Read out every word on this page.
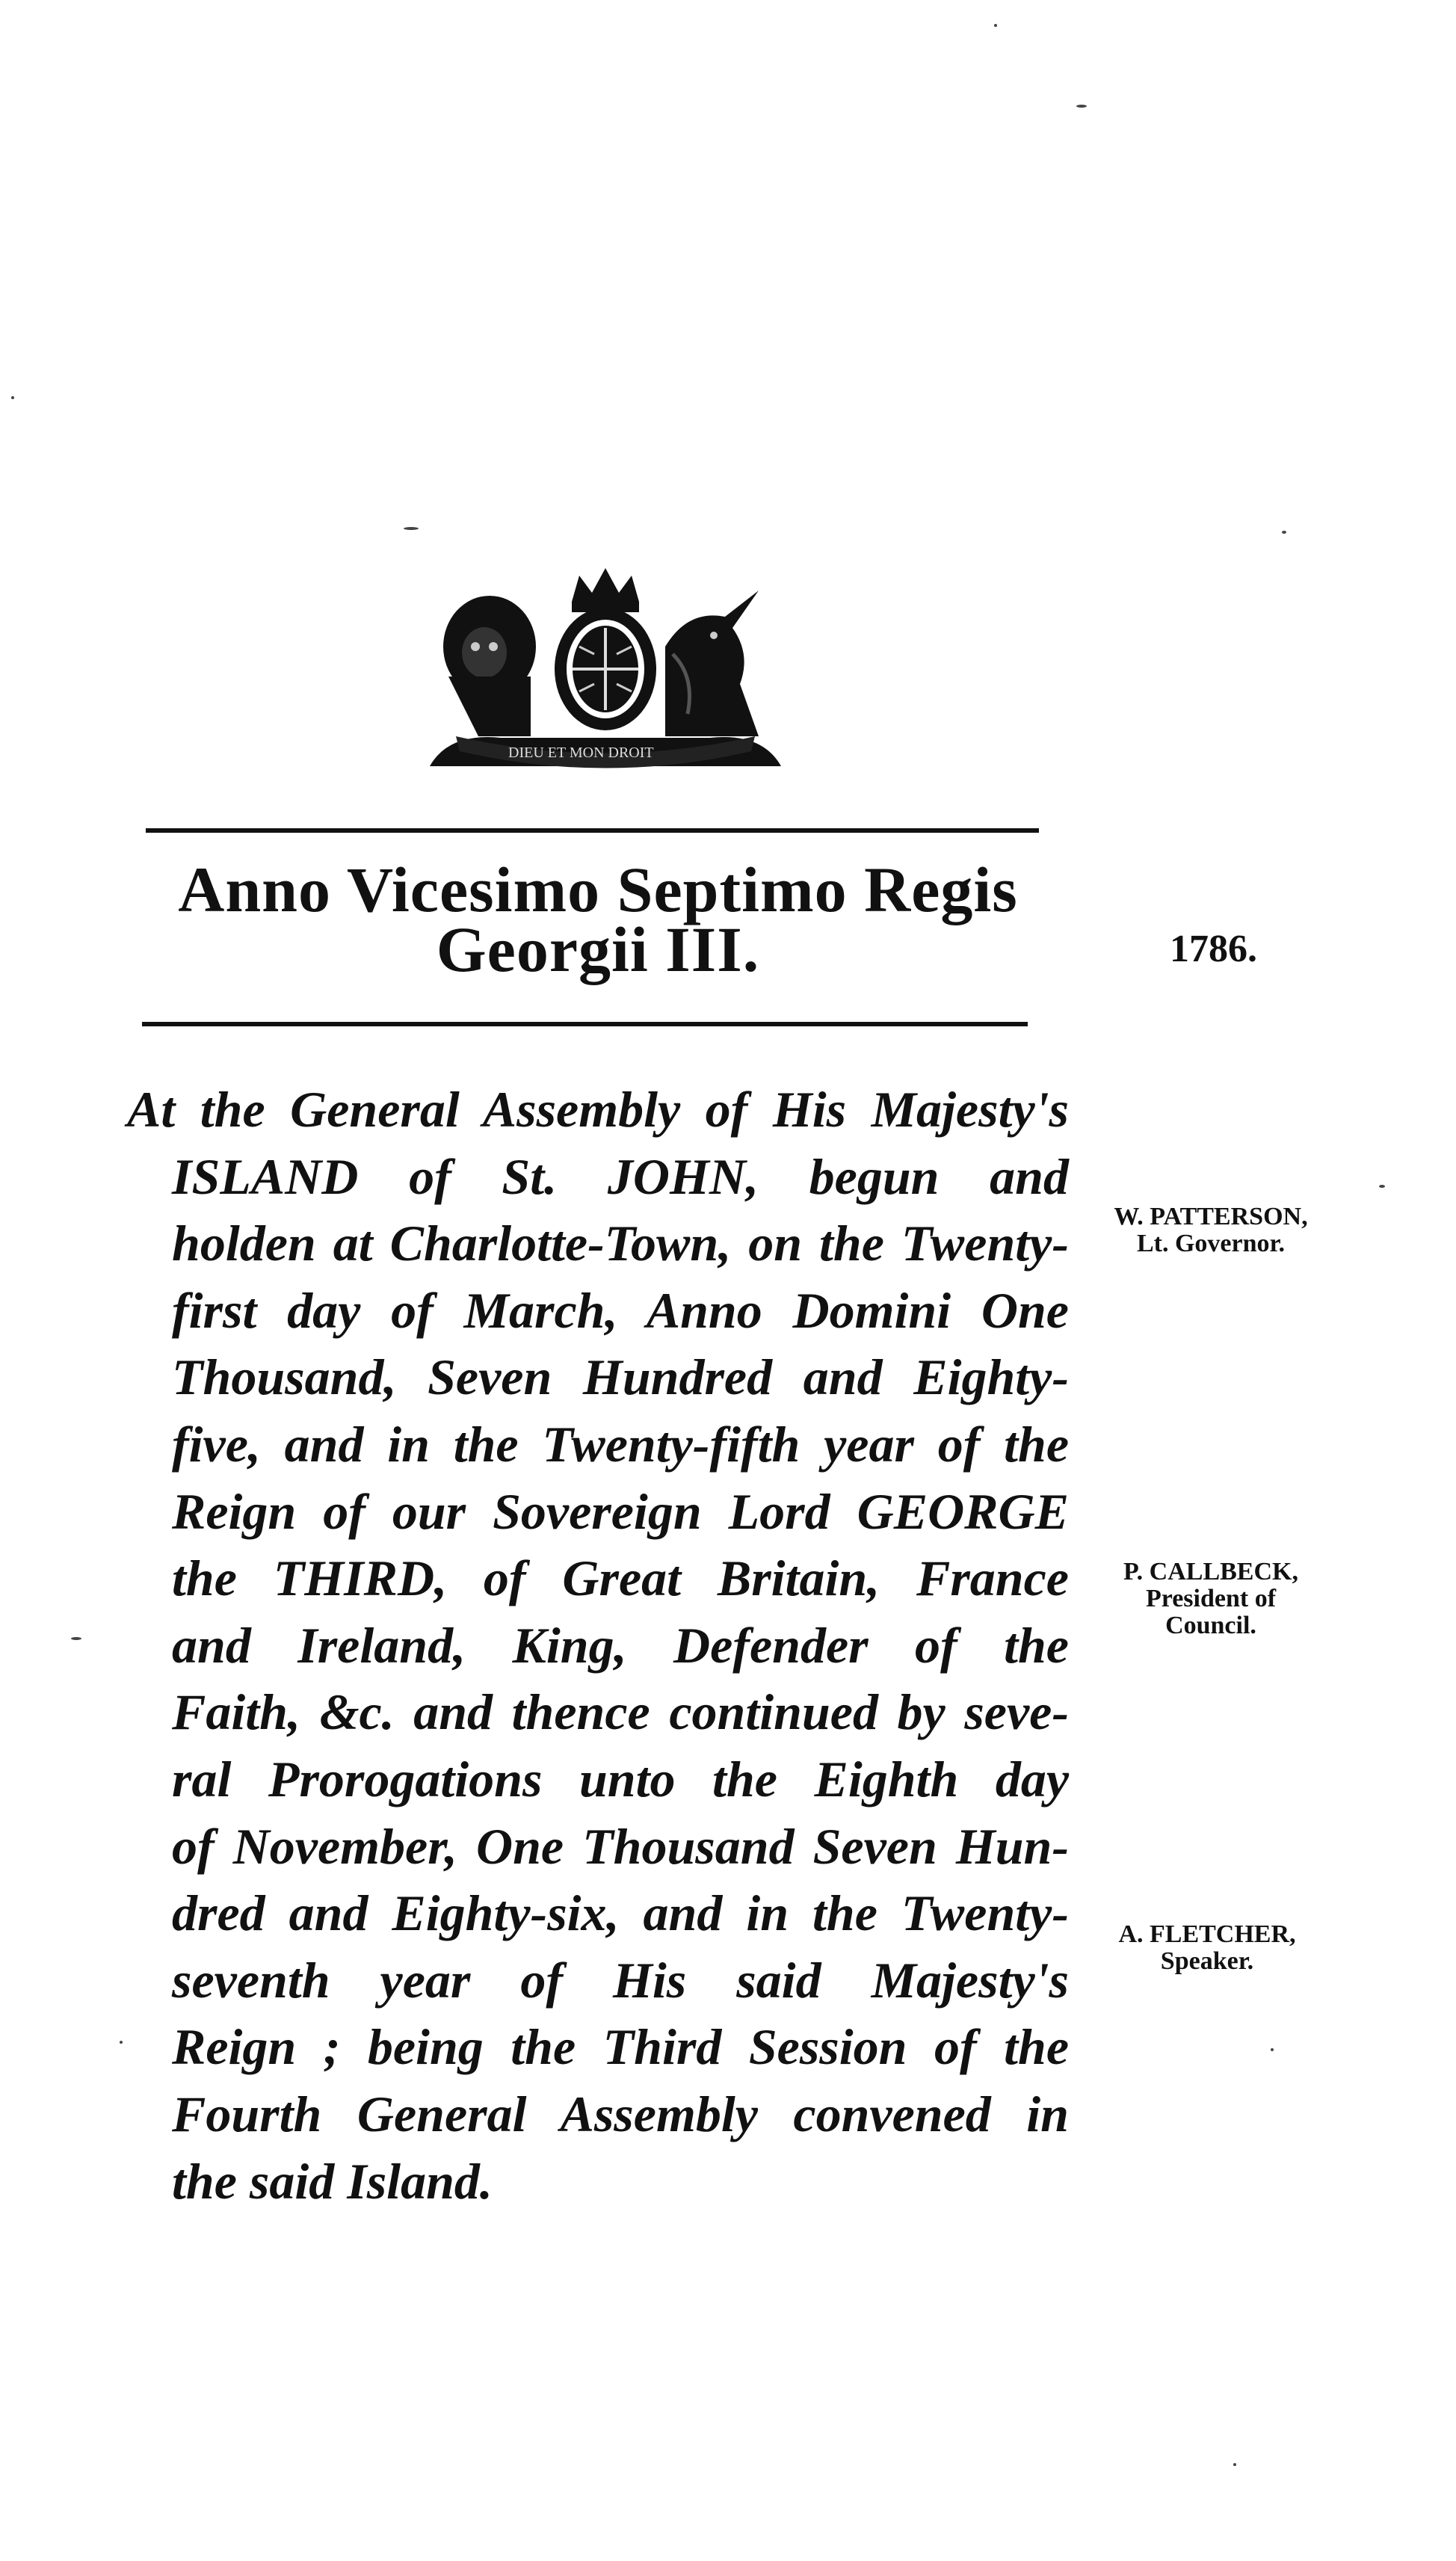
DIEU ET MON DROIT
Anno Vicesimo Septimo Regis
Georgii III.	1786.
At the General Assembly of His Majesty's
ISLAND of St. JOHN, begun and
holden at Charlotte-Town, on the Twenty-
first day of March, Anno Domini One
Thousand, Seven Hundred and Eighty-
five, and in the Twenty-fifth year of the
Reign of our Sovereign Lord GEORGE
the THIRD, of Great Britain, France
and Ireland, King, Defender of the
Faith, &c. and thence continued by seve-
ral Prorogations unto the Eighth day
of November, One Thousand Seven Hun-
dred and Eighty-six, and in the Twenty-
seventh year of His said Majesty's
Reign ; being the Third Session of the
Fourth General Assembly convened in
the said Island.
W. PATTERSON,
Lt. Governor.
P. CALLBECK,
President of
Council.
A. FLETCHER,
Speaker.
